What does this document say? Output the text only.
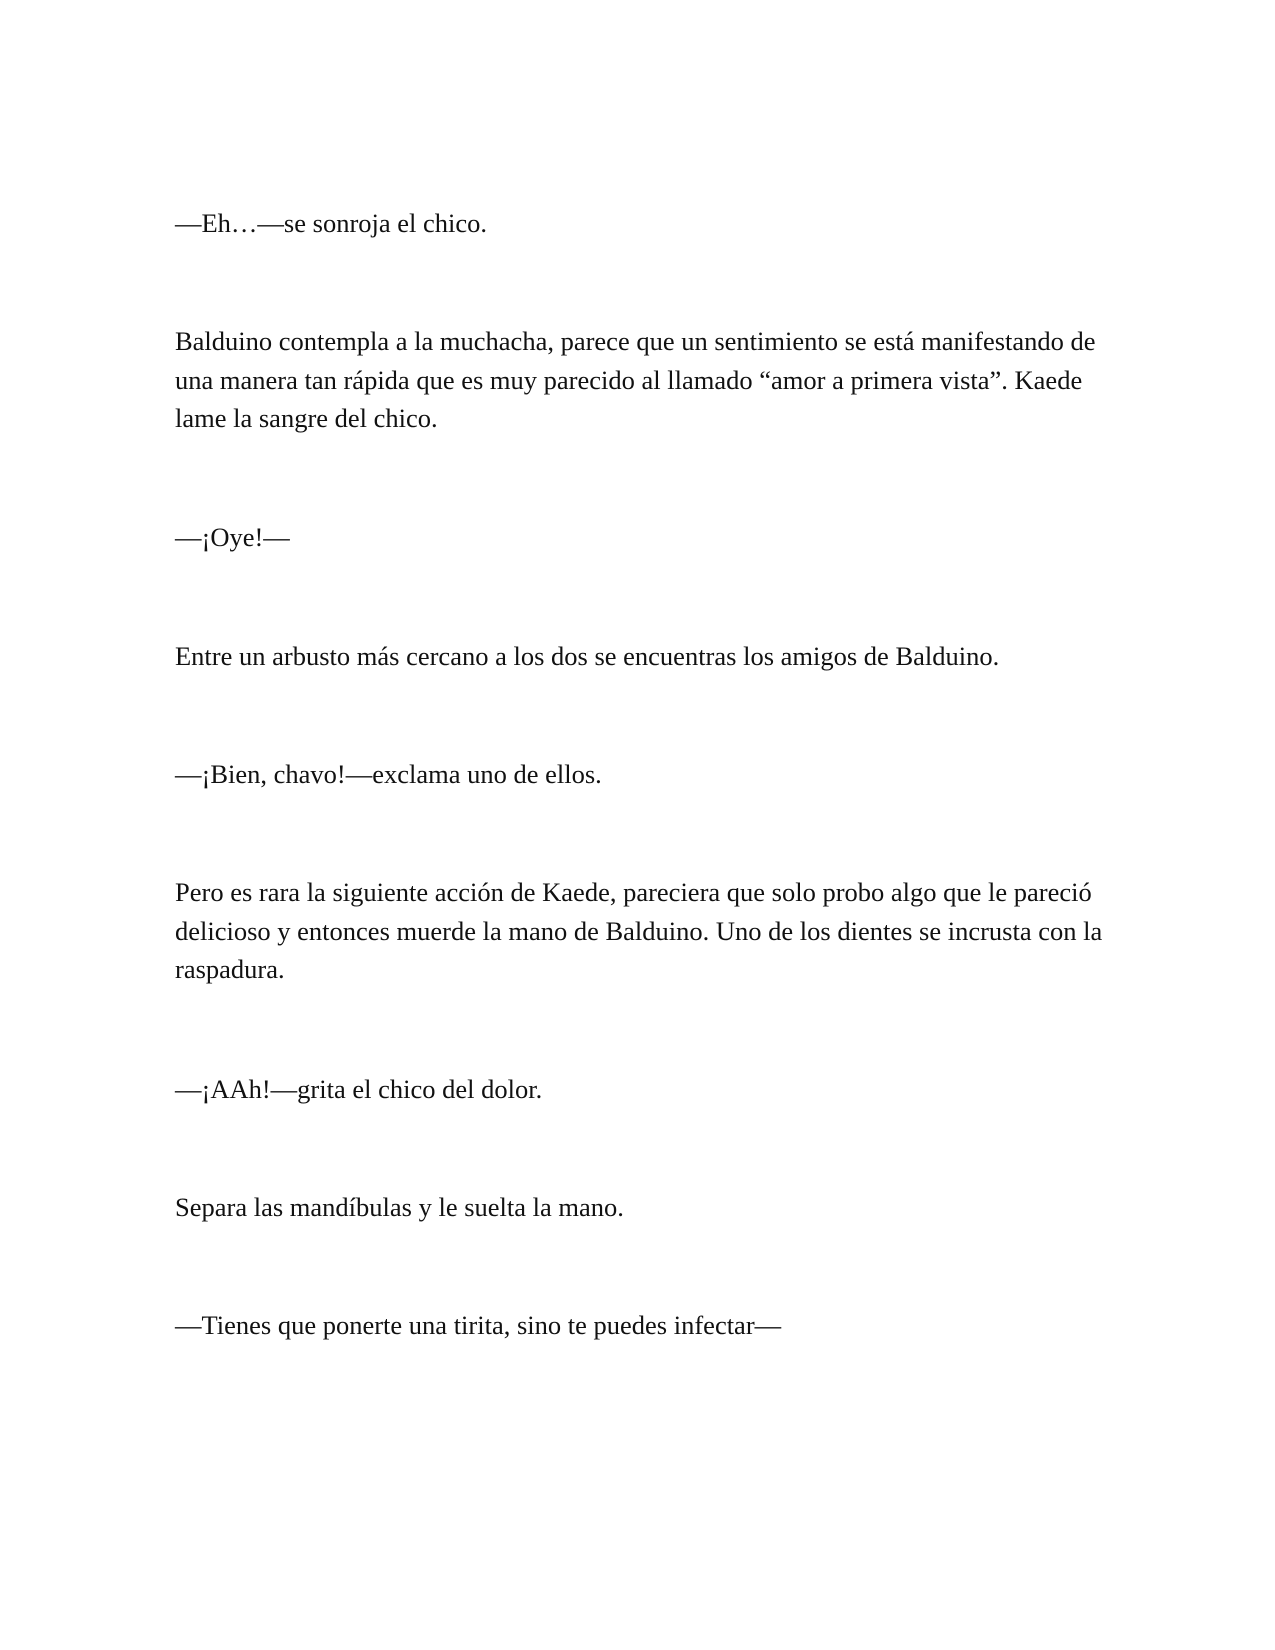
—Eh…—se sonroja el chico.

Balduino contempla a la muchacha, parece que un sentimiento se está manifestando de una manera tan rápida que es muy parecido al llamado “amor a primera vista”. Kaede lame la sangre del chico.

—¡Oye!—

Entre un arbusto más cercano a los dos se encuentras los amigos de Balduino.

—¡Bien, chavo!—exclama uno de ellos.

Pero es rara la siguiente acción de Kaede, pareciera que solo probo algo que le pareció delicioso y entonces muerde la mano de Balduino. Uno de los dientes se incrusta con la raspadura.

—¡AAh!—grita el chico del dolor.

Separa las mandíbulas y le suelta la mano.

—Tienes que ponerte una tirita, sino te puedes infectar—
